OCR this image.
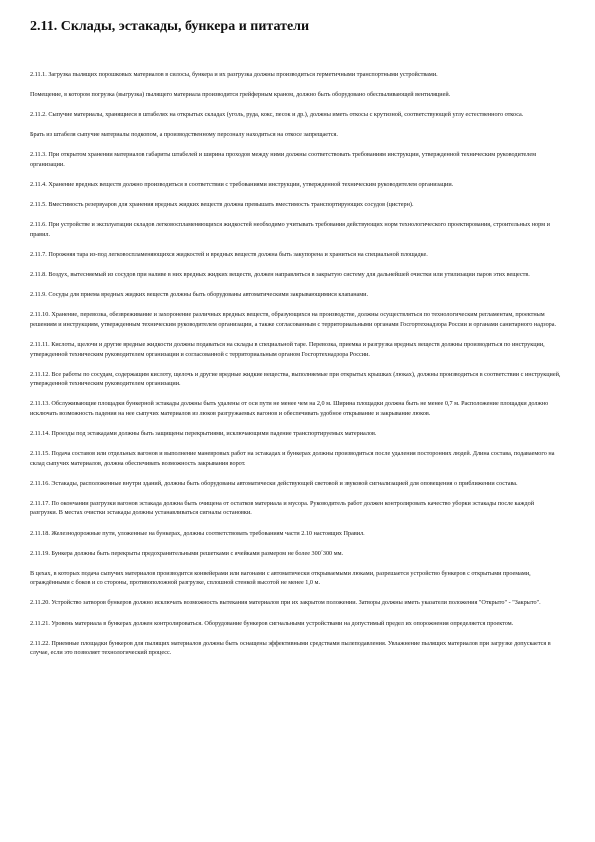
2.11. Склады, эстакады, бункера и питатели

2.11.1. Загрузка пылящих порошковых материалов в силосы, бункера и их разгрузка должны производиться герметичными транспортными устройствами.

Помещение, в котором погрузка (выгрузка) пылящего материала производится грейферным краном, должно быть оборудовано обеспыливающей вентиляцией.

2.11.2. Сыпучие материалы, хранящиеся в штабелях на открытых складах (уголь, руда, кокс, песок и др.), должны иметь откосы с крутизной, соответствующей углу естественного откоса.

Брать из штабеля сыпучие материалы подкопом, а производственному персоналу находиться на откосе запрещается.

2.11.3. При открытом хранении материалов габариты штабелей и ширина проходов между ними должны соответствовать требованиям инструкции, утвержденной техническим руководителем организации.

2.11.4. Хранение вредных веществ должно производиться в соответствии с требованиями инструкции, утвержденной техническим руководителем организации.

2.11.5. Вместимость резервуаров для хранения вредных жидких веществ должна превышать вместимость транспортирующих сосудов (цистерн).

2.11.6. При устройстве и эксплуатации складов легковоспламеняющихся жидкостей необходимо учитывать требования действующих норм технологического проектирования, строительных норм и правил.

2.11.7. Порожняя тара из-под легковоспламеняющихся жидкостей и вредных веществ должна быть закупорена и храниться на специальной площадке.

2.11.8. Воздух, вытесняемый из сосудов при наливе в них вредных жидких веществ, должен направляться в закрытую систему для дальнейшей очистки или утилизации паров этих веществ.

2.11.9. Сосуды для приема вредных жидких веществ должны быть оборудованы автоматическими закрывающимися клапанами.

2.11.10. Хранение, перевозка, обезвреживание и захоронение различных вредных веществ, образующихся на производстве, должны осуществляться по технологическим регламентам, проектным решениям и инструкциям, утвержденным техническим руководителем организации, а также согласованным с территориальными органами Госгортехнадзора России и органами санитарного надзора.

2.11.11. Кислоты, щелочи и другие вредные жидкости должны подаваться на склады в специальной таре. Перевозка, приемка и разгрузка вредных веществ должны производиться по инструкции, утвержденной техническим руководителем организации и согласованной с территориальным органом Госгортехнадзора России.

2.11.12. Все работы по сосудам, содержащим кислоту, щелочь и другие вредные жидкие вещества, выполняемые при открытых крышках (люках), должны производиться в соответствии с инструкцией, утвержденной техническим руководителем организации.

2.11.13. Обслуживающие площадки бункерной эстакады должны быть удалены от оси пути не менее чем на 2,0 м. Ширина площадки должна быть не менее 0,7 м. Расположение площадки должно исключать возможность падения на нее сыпучих материалов из люков разгружаемых вагонов и обеспечивать удобное открывание и закрывание люков.

2.11.14. Проезды под эстакадами должны быть защищены перекрытиями, исключающими падение транспортируемых материалов.

2.11.15. Подача составов или отдельных вагонов и выполнение маневровых работ на эстакадах и бункерах должны производиться после удаления посторонних людей. Длина состава, подаваемого на склад сыпучих материалов, должна обеспечивать возможность закрывания ворот.

2.11.16. Эстакады, расположенные внутри зданий, должны быть оборудованы автоматически действующей световой и звуковой сигнализацией для оповещения о приближении состава.

2.11.17. По окончании разгрузки вагонов эстакада должна быть очищена от остатков материала и мусора. Руководитель работ должен контролировать качество уборки эстакады после каждой разгрузки. В местах очистки эстакады должны устанавливаться сигналы остановки.

2.11.18. Железнодорожные пути, уложенные на бункерах, должны соответствовать требованиям части 2.10 настоящих Правил.

2.11.19. Бункера должны быть перекрыты предохранительными решетками с ячейками размером не более 300´300 мм.

В цехах, в которых подача сыпучих материалов производится конвейерами или вагонами с автоматически открываемыми люками, разрешается устройство бункеров с открытыми проемами, ограждёнными с боков и со стороны, противоположной разгрузке, сплошной стенкой высотой не менее 1,0 м.

2.11.20. Устройство затворов бункеров должно исключать возможность вытекания материалов при их закрытом положении. Затворы должны иметь указатели положения "Открыто" - "Закрыто".

2.11.21. Уровень материала в бункерах должен контролироваться. Оборудование бункеров сигнальными устройствами на допустимый предел их опорожнения определяется проектом.

2.11.22. Приемные площадки бункеров для пылящих материалов должны быть оснащены эффективными средствами пылеподавления. Увлажнение пылящих материалов при загрузке допускается в случае, если это позволяет технологический процесс.
